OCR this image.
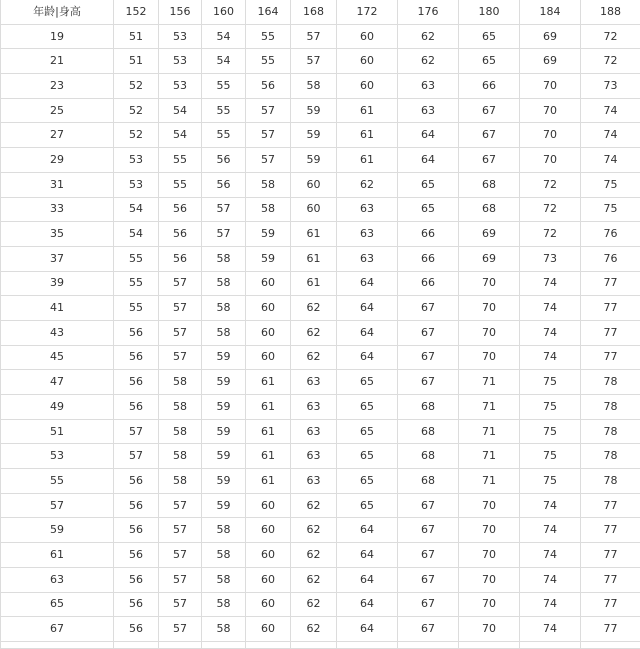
年龄|身高	152	156	160	164	168	172	176	180	184	188
19	51	53	54	55	57	60	62	65	69	72
21	51	53	54	55	57	60	62	65	69	72
23	52	53	55	56	58	60	63	66	70	73
25	52	54	55	57	59	61	63	67	70	74
27	52	54	55	57	59	61	64	67	70	74
29	53	55	56	57	59	61	64	67	70	74
31	53	55	56	58	60	62	65	68	72	75
33	54	56	57	58	60	63	65	68	72	75
35	54	56	57	59	61	63	66	69	72	76
37	55	56	58	59	61	63	66	69	73	76
39	55	57	58	60	61	64	66	70	74	77
41	55	57	58	60	62	64	67	70	74	77
43	56	57	58	60	62	64	67	70	74	77
45	56	57	59	60	62	64	67	70	74	77
47	56	58	59	61	63	65	67	71	75	78
49	56	58	59	61	63	65	68	71	75	78
51	57	58	59	61	63	65	68	71	75	78
53	57	58	59	61	63	65	68	71	75	78
55	56	58	59	61	63	65	68	71	75	78
57	56	57	59	60	62	65	67	70	74	77
59	56	57	58	60	62	64	67	70	74	77
61	56	57	58	60	62	64	67	70	74	77
63	56	57	58	60	62	64	67	70	74	77
65	56	57	58	60	62	64	67	70	74	77
67	56	57	58	60	62	64	67	70	74	77
